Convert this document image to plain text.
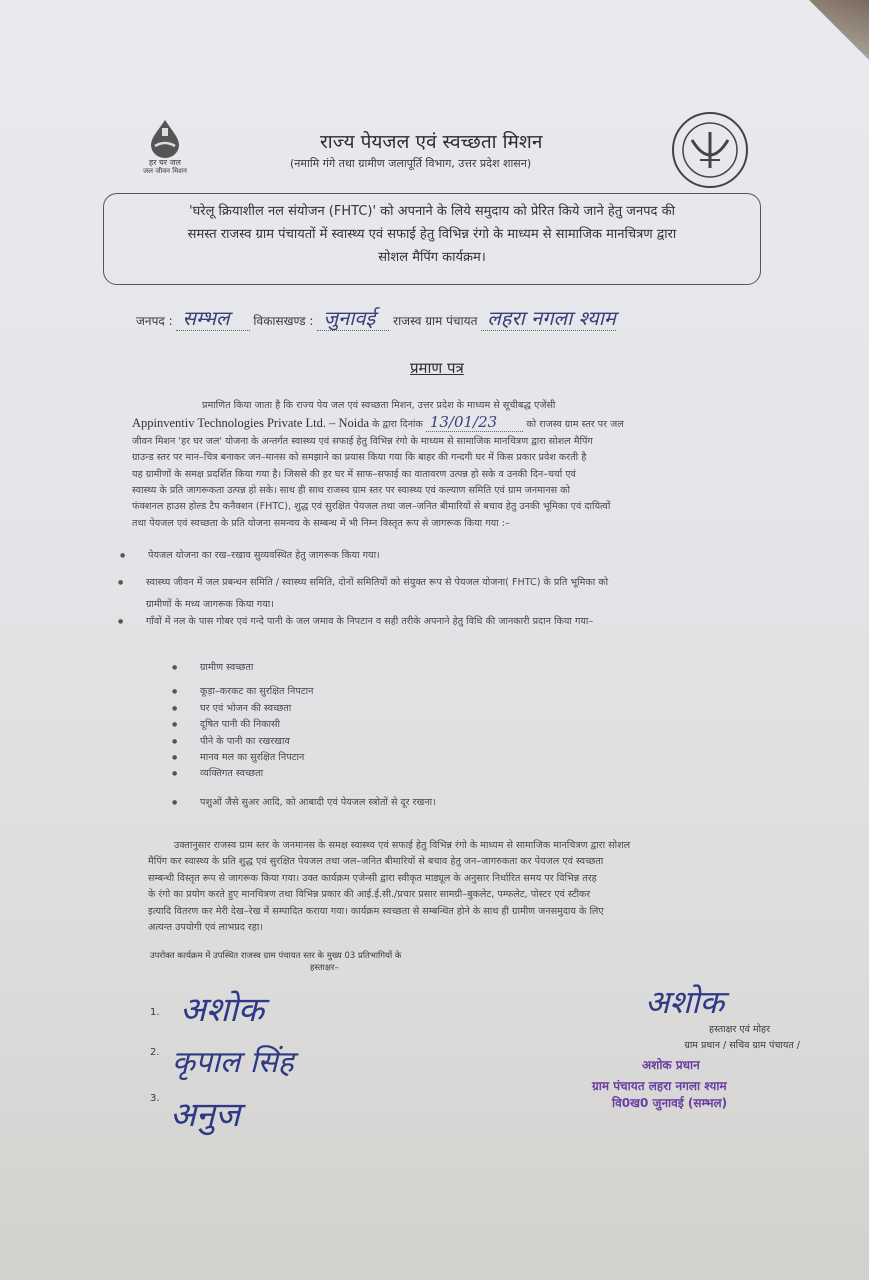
हर घर जल
जल जीवन मिशन
राज्य पेयजल एवं स्वच्छता मिशन
(नमामि गंगे तथा ग्रामीण जलापूर्ति विभाग, उत्तर प्रदेश शासन)
'घरेलू क्रियाशील नल संयोजन (FHTC)' को अपनाने के लिये समुदाय को प्रेरित किये जाने हेतु जनपद की
समस्त राजस्व ग्राम पंचायतों में स्वास्थ्य एवं सफाई हेतु विभिन्न रंगो के माध्यम से सामाजिक मानचित्रण द्वारा
सोशल मैपिंग कार्यक्रम।
जनपद : सम्भल विकासखण्ड : जुनावई राजस्व ग्राम पंचायत लहरा नगला श्याम
प्रमाण पत्र
प्रमाणित किया जाता है कि राज्य पेय जल एवं स्वच्छता मिशन, उत्तर प्रदेश के माध्यम से सूचीबद्ध एजेंसी
Appinventiv Technologies Private Ltd. – Noida के द्वारा दिनांक 13/01/23	को राजस्व ग्राम स्तर पर जल
जीवन मिशन 'हर घर जल' योजना के अन्तर्गत स्वास्थ्य एवं सफाई हेतु विभिन्न रंगो के माध्यम से सामाजिक मानचित्रण द्वारा सोशल मैपिंग
ग्राउन्ड स्तर पर मान–चित्र बनाकर जन–मानस को समझाने का प्रयास किया गया कि बाहर की गन्दगी घर में किस प्रकार प्रवेश करती है
यह ग्रामीणों के समक्ष प्रदर्शित किया गया है। जिससे की हर घर में साफ–सफाई का वातावरण उत्पन्न हो सके व उनकी दिन–चर्या एवं
स्वास्थ्य के प्रति जागरूकता उत्पन्न हो सके। साथ ही साथ राजस्व ग्राम स्तर पर स्वास्थ्य एवं कल्याण समिति एवं ग्राम जनमानस को
फंक्शनल हाउस होल्ड टैप कनैक्शन (FHTC), शुद्ध एवं सुरक्षित पेयजल तथा जल–जनित बीमारियों से बचाव हेतु उनकी भूमिका एवं दायित्वों
तथा पेयजल एवं स्वच्छता के प्रति योजना समन्वय के सम्बन्ध में भी निम्न विस्तृत रूप से जागरूक किया गया :–
● पेयजल योजना का रख–रखाव सुव्यवस्थित हेतु जागरूक किया गया।
● स्वास्थ्य जीवन में जल प्रबन्धन समिति / स्वास्थ्य समिति, दोनों समितियों को संयुक्त रूप से पेयजल योजना( FHTC) के प्रति भूमिका को
ग्रामीणों के मध्य जागरूक किया गया।
● गाँवों में नल के पास गोबर एवं गन्दे पानी के जल जमाव के निपटान व सही तरीके अपनाने हेतु विधि की जानकारी प्रदान किया गया–
● ग्रामीण स्वच्छता
● कूड़ा–करकट का सुरक्षित निपटान
● घर एवं भोजन की स्वच्छता
● दूषित पानी की निकासी
● पीने के पानी का रखरखाव
● मानव मल का सुरक्षित निपटान
● व्यक्तिगत स्वच्छता
● पशुओं जैसे सुअर आदि, को आबादी एवं पेयजल स्त्रोतों से दूर रखना।
उक्तानुसार राजस्व ग्राम स्तर के जनमानस के समक्ष स्वास्थ्य एवं सफाई हेतु विभिन्न रंगो के माध्यम से सामाजिक मानचित्रण द्वारा सोशल
मैपिंग कर स्वास्थ्य के प्रति शुद्ध एवं सुरक्षित पेयजल तथा जल–जनित बीमारियों से बचाव हेतु जन–जागरुकता कर पेयजल एवं स्वच्छता
सम्बन्धी विस्तृत रूप से जागरूक किया गया। उक्त कार्यक्रम एजेन्सी द्वारा स्वीकृत माड्यूल के अनुसार निर्धारित समय पर विभिन्न तरह
के रंगो का प्रयोग करते हुए मानचित्रण तथा विभिन्न प्रकार की आई.ई.सी./प्रचार प्रसार सामग्री–बुकलेट, पम्फलेट, पोस्टर एवं स्टीकर
इत्यादि वितरण कर मेरी देख–रेख में सम्पादित कराया गया। कार्यक्रम स्वच्छता से सम्बन्धित होने के साथ ही ग्रामीण जनसमुदाय के लिए
अत्यन्त उपयोगी एवं लाभप्रद रहा।
उपरोक्त कार्यक्रम में उपस्थित राजस्व ग्राम पंचायत स्तर के मुख्य 03 प्रतिभागियों के
हस्ताक्षर–
1. अशोक
2. कृपाल सिंह
3. अनुज
अशोक
हस्ताक्षर एवं मोहर
ग्राम प्रधान / सचिव ग्राम पंचायत /
अशोक प्रधान
ग्राम पंचायत लहरा नगला श्याम
वि0ख0 जुनावई (सम्भल)
